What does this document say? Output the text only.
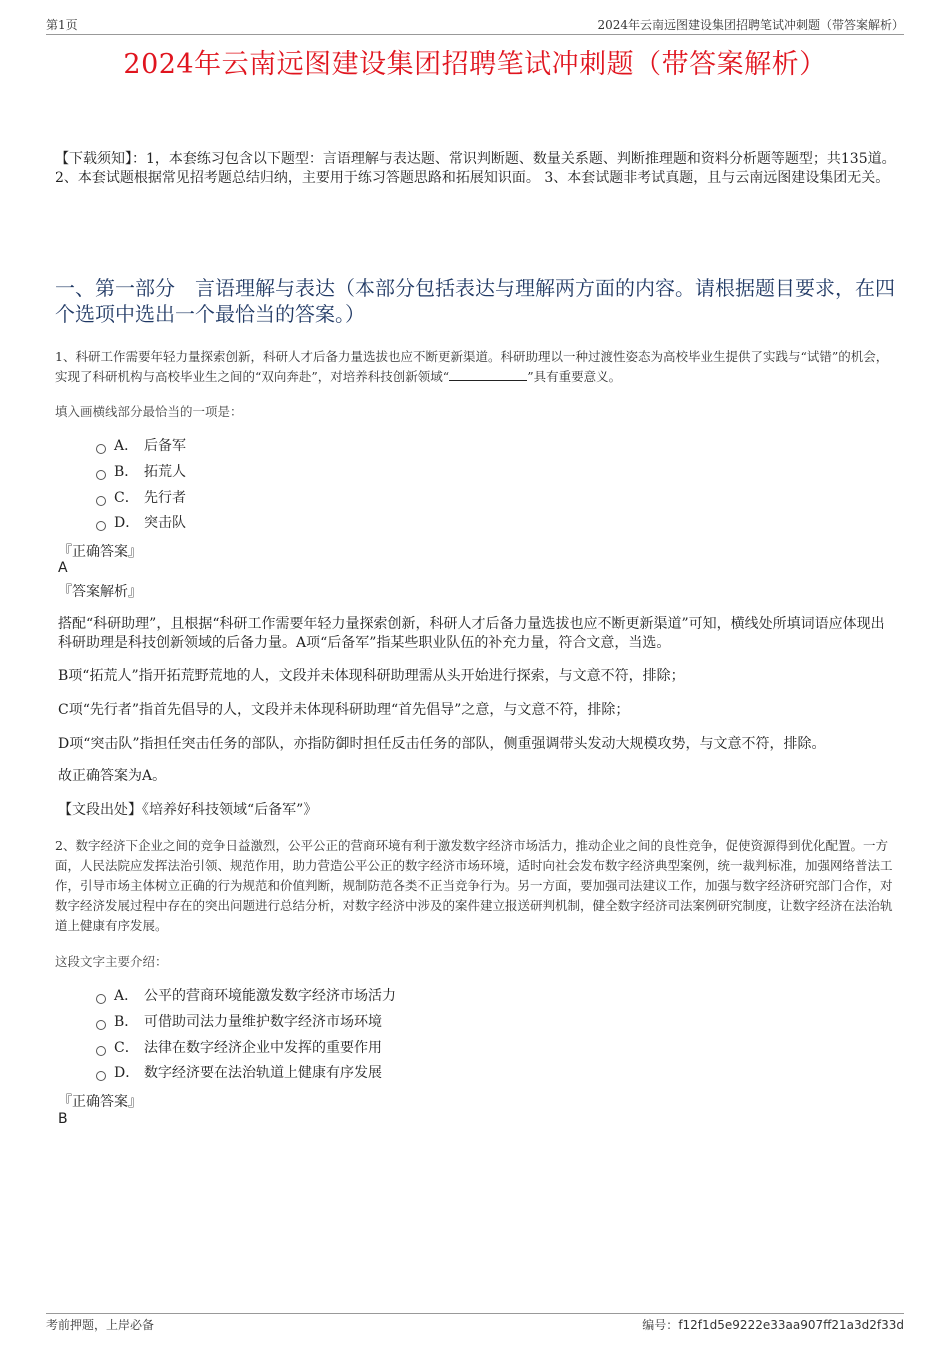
第1页	2024年云南远图建设集团招聘笔试冲刺题（带答案解析）
2024年云南远图建设集团招聘笔试冲刺题（带答案解析）
【下载须知】：1，本套练习包含以下题型：言语理解与表达题、常识判断题、数量关系题、判断推理题和资料分析题等题型；共135道。 2、本套试题根据常见招考题总结归纳，主要用于练习答题思路和拓展知识面。 3、本套试题非考试真题，且与云南远图建设集团无关。
一、第一部分　言语理解与表达（本部分包括表达与理解两方面的内容。请根据题目要求，在四个选项中选出一个最恰当的答案。）
1、科研工作需要年轻力量探索创新，科研人才后备力量选拔也应不断更新渠道。科研助理以一种过渡性姿态为高校毕业生提供了实践与“试错”的机会，实现了科研机构与高校毕业生之间的“双向奔赴”，对培养科技创新领域“	”具有重要意义。
填入画横线部分最恰当的一项是：
A． 后备军
B． 拓荒人
C． 先行者
D． 突击队
『正确答案』
A
『答案解析』
搭配“科研助理”，且根据“科研工作需要年轻力量探索创新，科研人才后备力量选拔也应不断更新渠道”可知，横线处所填词语应体现出科研助理是科技创新领域的后备力量。A项“后备军”指某些职业队伍的补充力量，符合文意，当选。
B项“拓荒人”指开拓荒野荒地的人，文段并未体现科研助理需从头开始进行探索，与文意不符，排除；
C项“先行者”指首先倡导的人，文段并未体现科研助理“首先倡导”之意，与文意不符，排除；
D项“突击队”指担任突击任务的部队，亦指防御时担任反击任务的部队，侧重强调带头发动大规模攻势，与文意不符，排除。
故正确答案为A。
【文段出处】《培养好科技领域“后备军”》
2、数字经济下企业之间的竞争日益激烈，公平公正的营商环境有利于激发数字经济市场活力，推动企业之间的良性竞争，促使资源得到优化配置。一方面，人民法院应发挥法治引领、规范作用，助力营造公平公正的数字经济市场环境，适时向社会发布数字经济典型案例，统一裁判标准，加强网络普法工作，引导市场主体树立正确的行为规范和价值判断，规制防范各类不正当竞争行为。另一方面，要加强司法建议工作，加强与数字经济研究部门合作，对数字经济发展过程中存在的突出问题进行总结分析，对数字经济中涉及的案件建立报送研判机制，健全数字经济司法案例研究制度，让数字经济在法治轨道上健康有序发展。
这段文字主要介绍：
A． 公平的营商环境能激发数字经济市场活力
B． 可借助司法力量维护数字经济市场环境
C． 法律在数字经济企业中发挥的重要作用
D． 数字经济要在法治轨道上健康有序发展
『正确答案』
B
考前押题，上岸必备	编号：f12f1d5e9222e33aa907ff21a3d2f33d
